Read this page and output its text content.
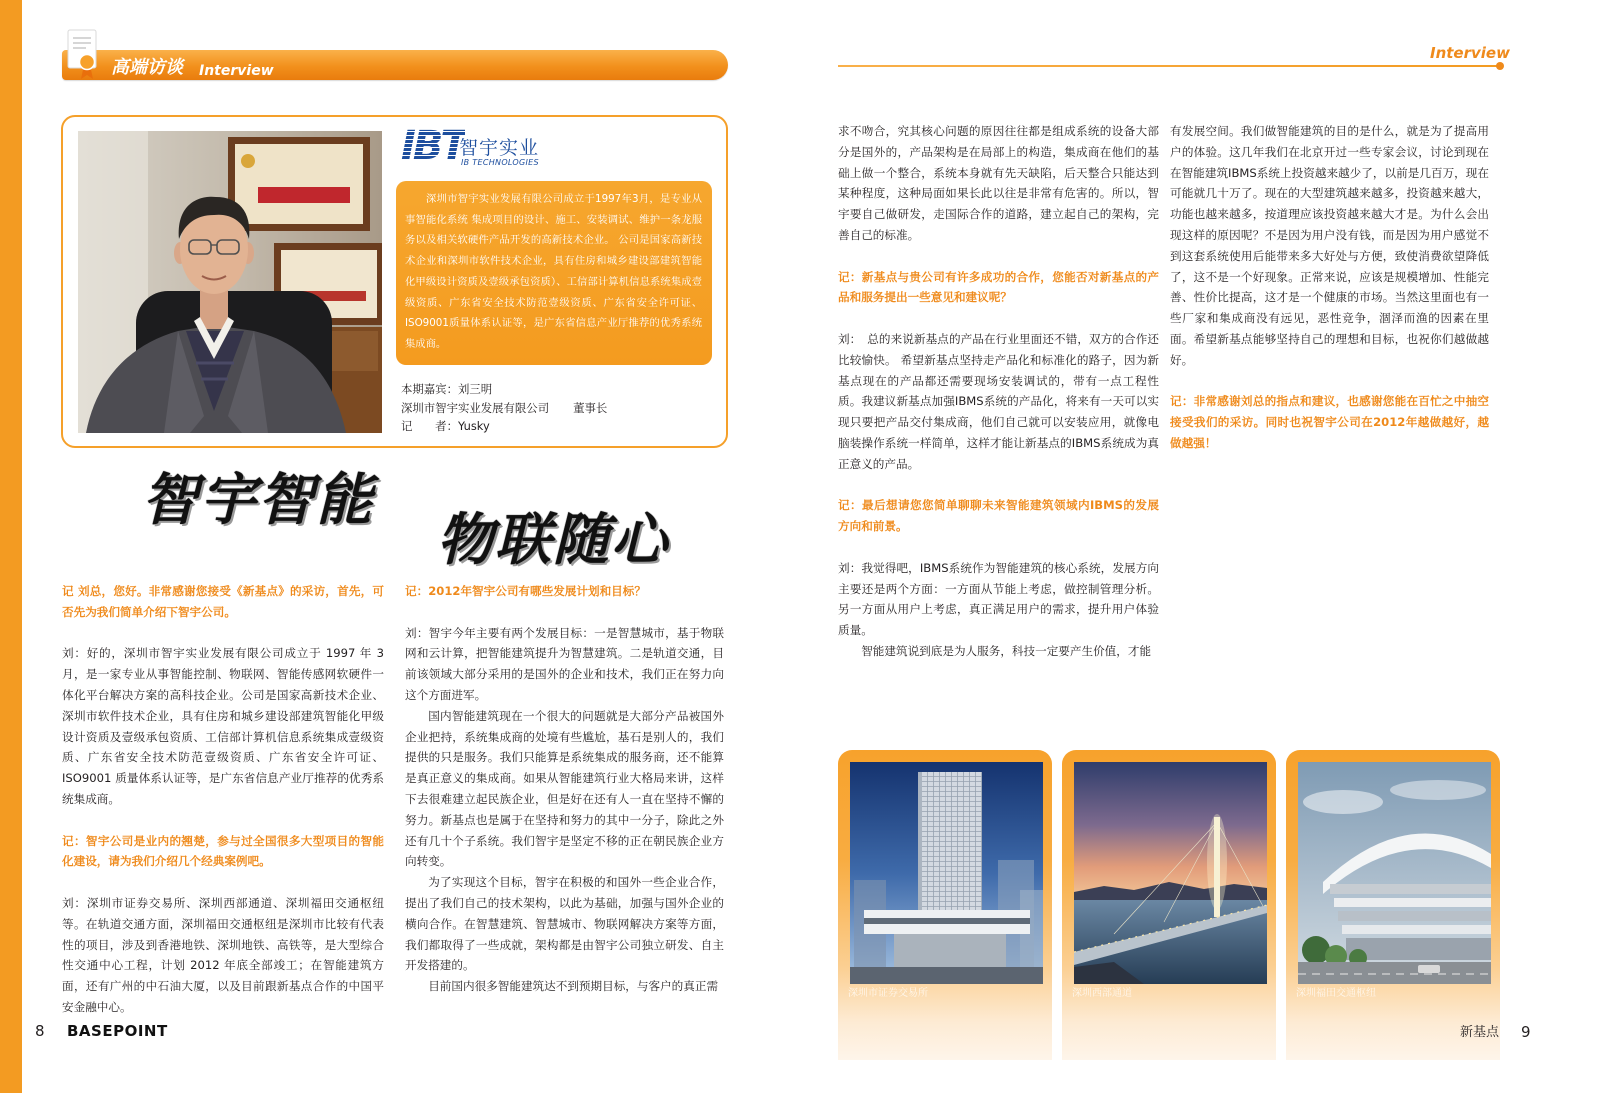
高端访谈 Interview
IBT
智宇实业
IB TECHNOLOGIES

深圳市智宇实业发展有限公司成立于1997年3月，是专业从事智能化系统 集成项目的设计、施工、安装调试、维护一条龙服务以及相关软硬件产品开发的高新技术企业。 公司是国家高新技术企业和深圳市软件技术企业，具有住房和城乡建设部建筑智能化甲级设计资质及壹级承包资质）、工信部计算机信息系统集成壹级资质、广东省安全技术防范壹级资质、广东省安全许可证、ISO9001质量体系认证等，是广东省信息产业厅推荐的优秀系统集成商。

本期嘉宾：刘三明
深圳市智宇实业发展有限公司 董事长
记　　者：Yusky
智宇智能
物联随心

记 刘总，您好。非常感谢您接受《新基点》的采访，首先，可否先为我们简单介绍下智宇公司。

刘：好的，深圳市智宇实业发展有限公司成立于 1997 年 3 月，是一家专业从事智能控制、物联网、智能传感网软硬件一体化平台解决方案的高科技企业。公司是国家高新技术企业、深圳市软件技术企业，具有住房和城乡建设部建筑智能化甲级设计资质及壹级承包资质、工信部计算机信息系统集成壹级资质、广东省安全技术防范壹级资质、广东省安全许可证、ISO9001 质量体系认证等，是广东省信息产业厅推荐的优秀系统集成商。

记：智宇公司是业内的翘楚，参与过全国很多大型项目的智能化建设，请为我们介绍几个经典案例吧。

刘：深圳市证券交易所、深圳西部通道、深圳福田交通枢纽等。在轨道交通方面，深圳福田交通枢纽是深圳市比较有代表性的项目，涉及到香港地铁、深圳地铁、高铁等，是大型综合性交通中心工程，计划 2012 年底全部竣工；在智能建筑方面，还有广州的中石油大厦，以及目前跟新基点合作的中国平安金融中心。

记：2012年智宇公司有哪些发展计划和目标？

刘：智宇今年主要有两个发展目标：一是智慧城市，基于物联网和云计算，把智能建筑提升为智慧建筑。二是轨道交通，目前该领域大部分采用的是国外的企业和技术，我们正在努力向这个方面进军。

国内智能建筑现在一个很大的问题就是大部分产品被国外企业把持，系统集成商的处境有些尴尬，基石是别人的，我们提供的只是服务。我们只能算是系统集成的服务商，还不能算是真正意义的集成商。如果从智能建筑行业大格局来讲，这样下去很难建立起民族企业，但是好在还有人一直在坚持不懈的努力。新基点也是属于在坚持和努力的其中一分子，除此之外还有几十个子系统。我们智宇是坚定不移的正在朝民族企业方向转变。

为了实现这个目标，智宇在积极的和国外一些企业合作，提出了我们自己的技术架构，以此为基础，加强与国外企业的横向合作。在智慧建筑、智慧城市、物联网解决方案等方面，我们都取得了一些成就，架构都是由智宇公司独立研发、自主开发搭建的。

目前国内很多智能建筑达不到预期目标，与客户的真正需

8 BASEPOINT
Interview

求不吻合，究其核心问题的原因往往都是组成系统的设备大部分是国外的，产品架构是在局部上的构造，集成商在他们的基础上做一个整合，系统本身就有先天缺陷，后天整合只能达到某种程度，这种局面如果长此以往是非常有危害的。所以，智宇要自己做研发，走国际合作的道路，建立起自己的架构，完善自己的标准。

记：新基点与贵公司有许多成功的合作，您能否对新基点的产品和服务提出一些意见和建议呢？

刘：　总的来说新基点的产品在行业里面还不错，双方的合作还比较愉快。 希望新基点坚持走产品化和标准化的路子，因为新基点现在的产品都还需要现场安装调试的，带有一点工程性质。我建议新基点加强IBMS系统的产品化，将来有一天可以实现只要把产品交付集成商，他们自己就可以安装应用，就像电脑装操作系统一样简单，这样才能让新基点的IBMS系统成为真正意义的产品。

记：最后想请您您简单聊聊未来智能建筑领域内IBMS的发展方向和前景。

刘：我觉得吧，IBMS系统作为智能建筑的核心系统，发展方向主要还是两个方面：一方面从节能上考虑，做控制管理分析。另一方面从用户上考虑，真正满足用户的需求，提升用户体验质量。

智能建筑说到底是为人服务，科技一定要产生价值，才能

有发展空间。我们做智能建筑的目的是什么，就是为了提高用户的体验。这几年我们在北京开过一些专家会议，讨论到现在在智能建筑IBMS系统上投资越来越少了，以前是几百万，现在可能就几十万了。现在的大型建筑越来越多，投资越来越大，功能也越来越多，按道理应该投资越来越大才是。为什么会出现这样的原因呢？不是因为用户没有钱，而是因为用户感觉不到这套系统使用后能带来多大好处与方便，致使消费欲望降低了，这不是一个好现象。正常来说，应该是规模增加、性能完善、性价比提高，这才是一个健康的市场。当然这里面也有一些厂家和集成商没有远见，恶性竞争，涸泽而渔的因素在里面。希望新基点能够坚持自己的理想和目标，也祝你们越做越好。

记：非常感谢刘总的指点和建议，也感谢您能在百忙之中抽空接受我们的采访。同时也祝智宇公司在2012年越做越好，越做越强！

深圳市证券交易所	深圳西部通道	深圳福田交通枢纽
新基点 9
